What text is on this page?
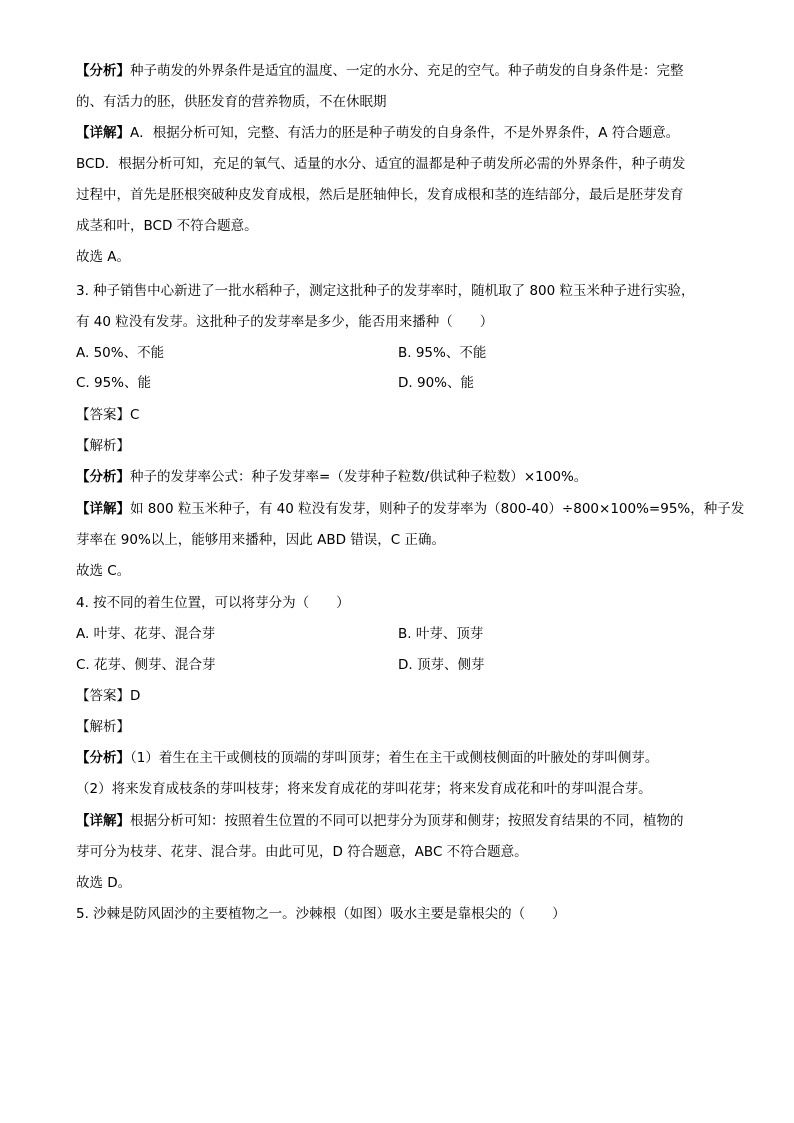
【分析】种子萌发的外界条件是适宜的温度、一定的水分、充足的空气。种子萌发的自身条件是：完整
的、有活力的胚，供胚发育的营养物质，不在休眠期
【详解】A．根据分析可知，完整、有活力的胚是种子萌发的自身条件，不是外界条件，A 符合题意。
BCD．根据分析可知，充足的氧气、适量的水分、适宜的温都是种子萌发所必需的外界条件，种子萌发
过程中，首先是胚根突破种皮发育成根，然后是胚轴伸长，发育成根和茎的连结部分，最后是胚芽发育
成茎和叶，BCD 不符合题意。
故选 A。
3. 种子销售中心新进了一批水稻种子，测定这批种子的发芽率时，随机取了 800 粒玉米种子进行实验，
有 40 粒没有发芽。这批种子的发芽率是多少，能否用来播种（　　）
A. 50%、不能	B. 95%、不能
C. 95%、能	D. 90%、能
【答案】C
【解析】
【分析】种子的发芽率公式：种子发芽率=（发芽种子粒数/供试种子粒数）×100%。
【详解】如 800 粒玉米种子，有 40 粒没有发芽，则种子的发芽率为（800-40）÷800×100%=95%，种子发
芽率在 90%以上，能够用来播种，因此 ABD 错误，C 正确。
故选 C。
4. 按不同的着生位置，可以将芽分为（　　）
A. 叶芽、花芽、混合芽	B. 叶芽、顶芽
C. 花芽、侧芽、混合芽	D. 顶芽、侧芽
【答案】D
【解析】
【分析】（1）着生在主干或侧枝的顶端的芽叫顶芽；着生在主干或侧枝侧面的叶腋处的芽叫侧芽。
（2）将来发育成枝条的芽叫枝芽；将来发育成花的芽叫花芽；将来发育成花和叶的芽叫混合芽。
【详解】根据分析可知：按照着生位置的不同可以把芽分为顶芽和侧芽；按照发育结果的不同，植物的
芽可分为枝芽、花芽、混合芽。由此可见，D 符合题意，ABC 不符合题意。
故选 D。
5. 沙棘是防风固沙的主要植物之一。沙棘根（如图）吸水主要是靠根尖的（　　）
